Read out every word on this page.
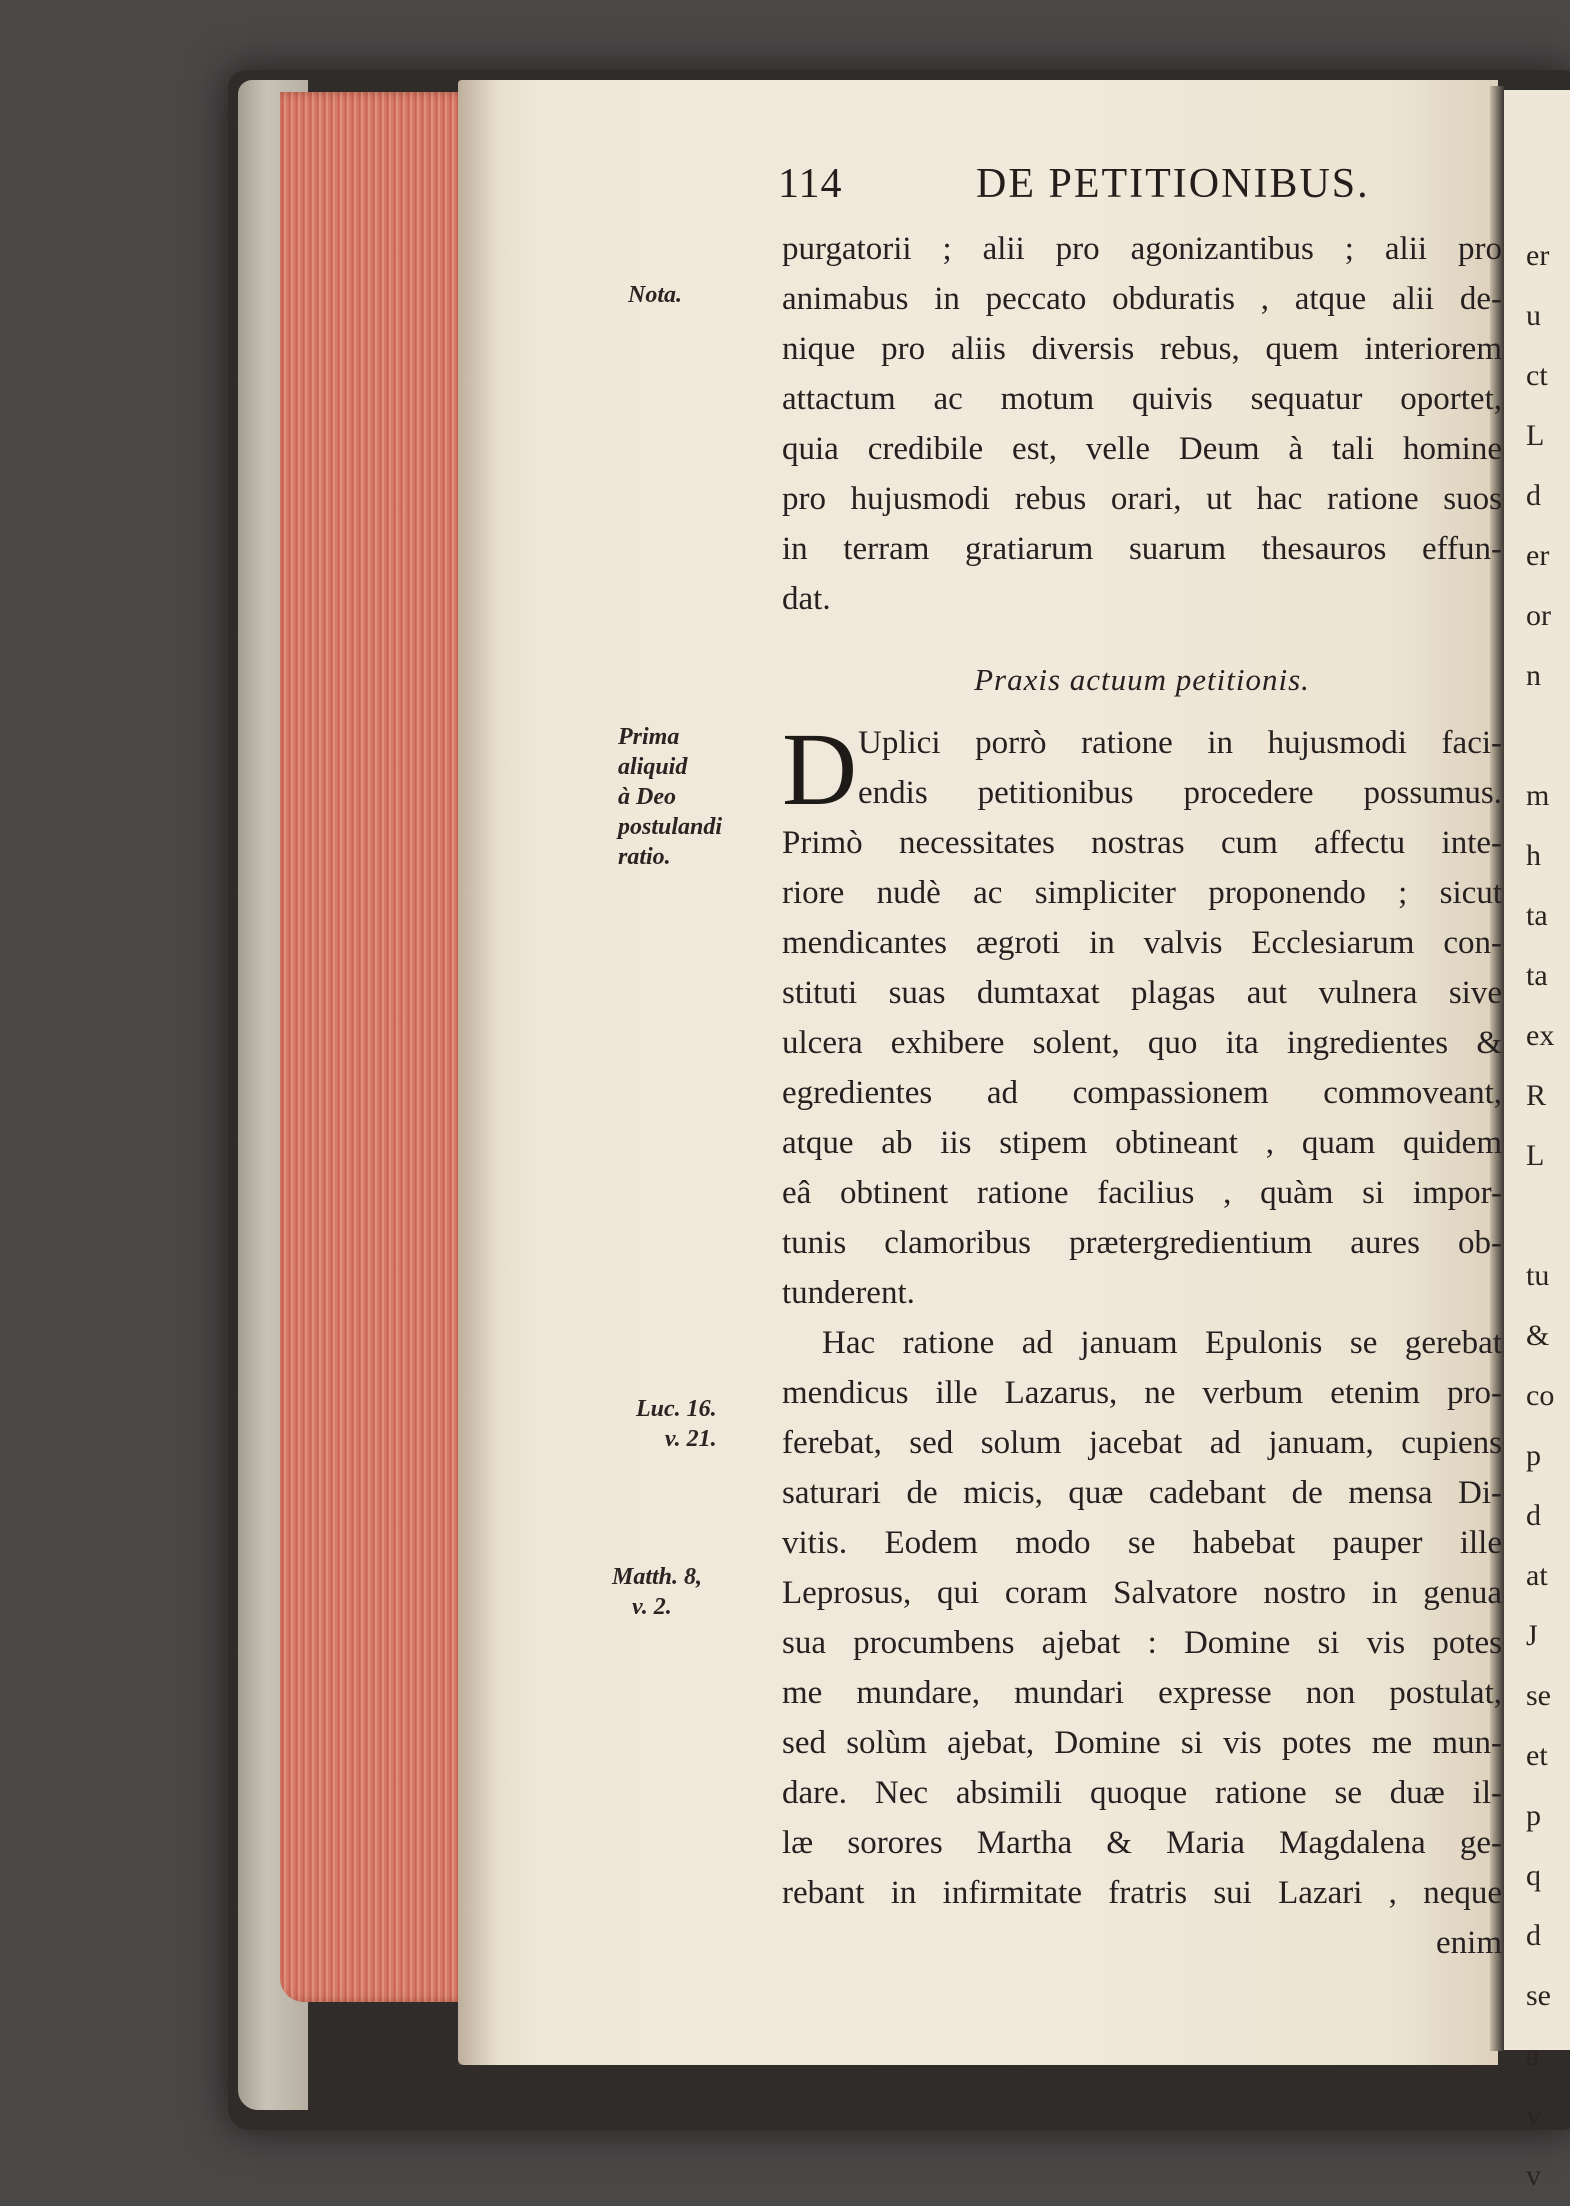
er
u
ct
L
d
er
or
n
m
h
ta
ta
ex
R
L
tu
&
co
p
d
at
J
se
et
p
q
d
se
a
v
v
114	DE PETITIONIBUS.
Nota.
Prima
aliquid
à Deo
postulandi
ratio.
Luc. 16.
v. 21.
Matth. 8,
v. 2.
purgatorii ; alii pro agonizantibus ; alii pro
animabus in peccato obduratis , atque alii de-
nique pro aliis diversis rebus, quem interiorem
attactum ac motum quivis sequatur oportet,
quia credibile est, velle Deum à tali homine
pro hujusmodi rebus orari, ut hac ratione suos
in terram gratiarum suarum thesauros effun-
dat.
Praxis actuum petitionis.
D Uplici porrò ratione in hujusmodi faci-
endis petitionibus procedere possumus.
Primò necessitates nostras cum affectu inte-
riore nudè ac simpliciter proponendo ; sicut
mendicantes ægroti in valvis Ecclesiarum con-
stituti suas dumtaxat plagas aut vulnera sive
ulcera exhibere solent, quo ita ingredientes &
egredientes ad compassionem commoveant,
atque ab iis stipem obtineant , quam quidem
eâ obtinent ratione facilius , quàm si impor-
tunis clamoribus prætergredientium aures ob-
tunderent.
Hac ratione ad januam Epulonis se gerebat
mendicus ille Lazarus, ne verbum etenim pro-
ferebat, sed solum jacebat ad januam, cupiens
saturari de micis, quæ cadebant de mensa Di-
vitis. Eodem modo se habebat pauper ille
Leprosus, qui coram Salvatore nostro in genua
sua procumbens ajebat : Domine si vis potes
me mundare, mundari expresse non postulat,
sed solùm ajebat, Domine si vis potes me mun-
dare. Nec absimili quoque ratione se duæ il-
læ sorores Martha & Maria Magdalena ge-
rebant in infirmitate fratris sui Lazari , neque
enim
